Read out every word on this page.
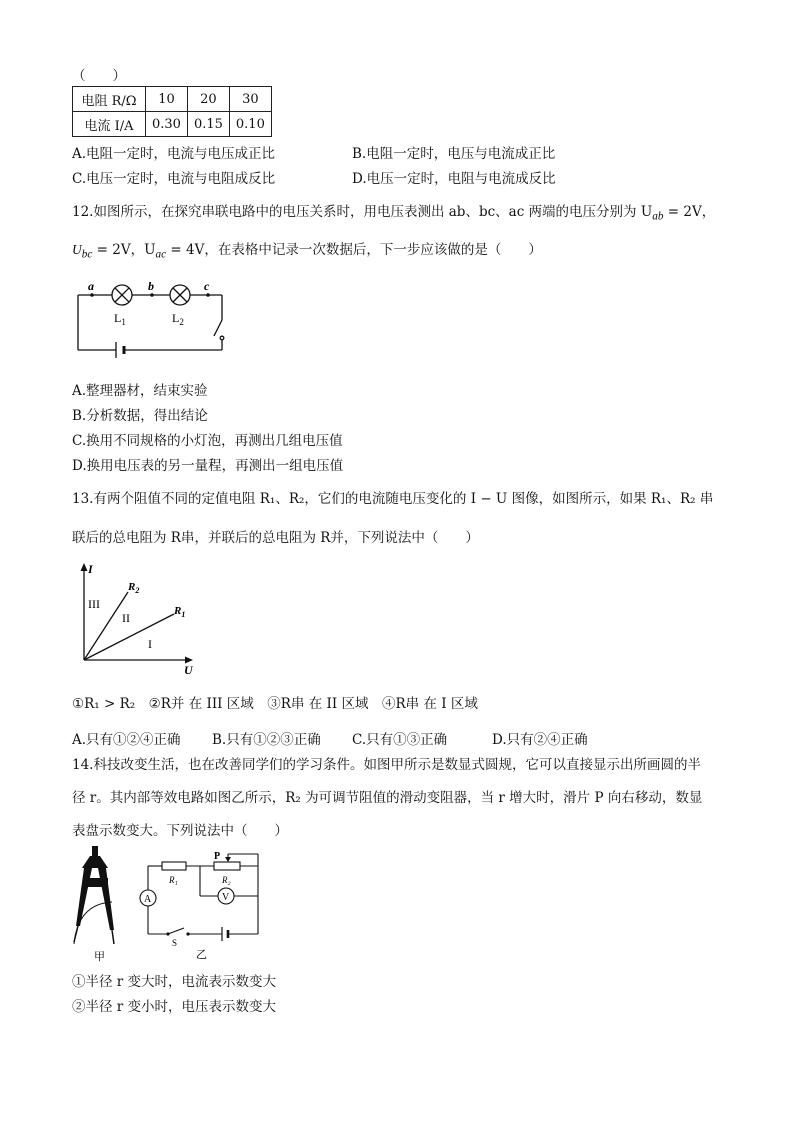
（　　）
电阻 R/Ω	10	20	30
电流 I/A	0.30	0.15	0.10
A.电阻一定时，电流与电压成正比	B.电阻一定时，电压与电流成正比
C.电压一定时，电流与电阻成反比	D.电压一定时，电阻与电流成反比
12.如图所示，在探究串联电路中的电压关系时，用电压表测出 ab、bc、ac 两端的电压分别为 $U_{ab} = 2V$，
$U_{bc} = 2V$，$U_{ac} = 4V$，在表格中记录一次数据后，下一步应该做的是（　　）
a	b	c
$L_1$	$L_2$
A.整理器材，结束实验
B.分析数据，得出结论
C.换用不同规格的小灯泡，再测出几组电压值
D.换用电压表的另一量程，再测出一组电压值
13.有两个阻值不同的定值电阻 R₁、R₂，它们的电流随电压变化的 I − U 图像，如图所示，如果 R₁、R₂ 串
联后的总电阻为 R串，并联后的总电阻为 R并，下列说法中（　　）
I
U
$R_2$
$R_1$
III
II
I
①R₁ > R₂　②R并 在 III 区域　③R串 在 II 区域　④R串 在 I 区域
A.只有①②④正确 B.只有①②③正确 C.只有①③正确	D.只有②④正确
14.科技改变生活，也在改善同学们的学习条件。如图甲所示是数显式圆规，它可以直接显示出所画圆的半
径 r。其内部等效电路如图乙所示，R₂ 为可调节阻值的滑动变阻器，当 r 增大时，滑片 P 向右移动，数显
表盘示数变大。下列说法中（　　）
甲
R₁	R₂
P
A	V
S
乙
①半径 r 变大时，电流表示数变大
②半径 r 变小时，电压表示数变大
